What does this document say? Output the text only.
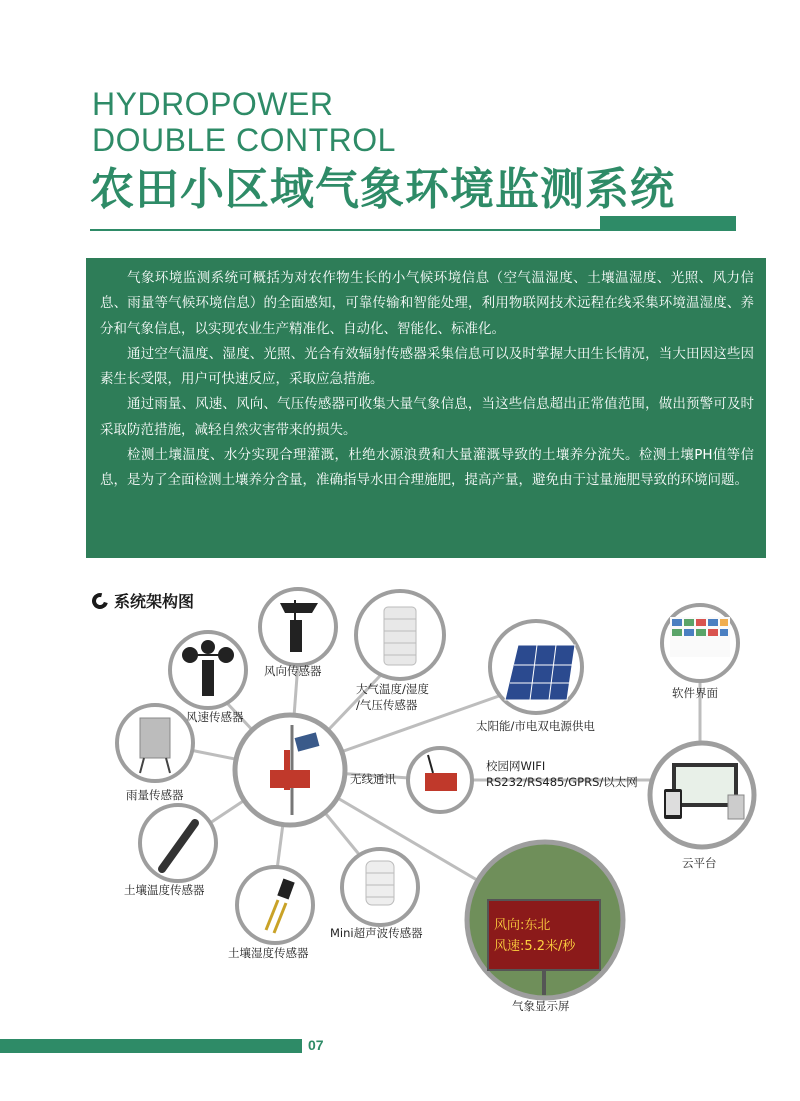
HYDROPOWER
DOUBLE CONTROL
农田小区域气象环境监测系统

气象环境监测系统可概括为对农作物生长的小气候环境信息（空气温湿度、土壤温湿度、光照、风力信息、雨量等气候环境信息）的全面感知，可靠传输和智能处理，利用物联网技术远程在线采集环境温湿度、养分和气象信息，以实现农业生产精准化、自动化、智能化、标准化。

通过空气温度、湿度、光照、光合有效辐射传感器采集信息可以及时掌握大田生长情况，当大田因这些因素生长受限，用户可快速反应，采取应急措施。

通过雨量、风速、风向、气压传感器可收集大量气象信息，当这些信息超出正常值范围，做出预警可及时采取防范措施，减轻自然灾害带来的损失。

检测土壤温度、水分实现合理灌溉，杜绝水源浪费和大量灌溉导致的土壤养分流失。检测土壤PH值等信息，是为了全面检测土壤养分含量，准确指导水田合理施肥，提高产量，避免由于过量施肥导致的环境问题。

系统架构图
风向传感器
大气温度/湿度
/气压传感器
风速传感器
太阳能/市电双电源供电
软件界面
雨量传感器
无线通讯
校园网WIFI
RS232/RS485/GPRS/以太网
云平台
土壤温度传感器
土壤湿度传感器
Mini超声波传感器	风向:东北
风速:5.2米/秒
气象显示屏
07
